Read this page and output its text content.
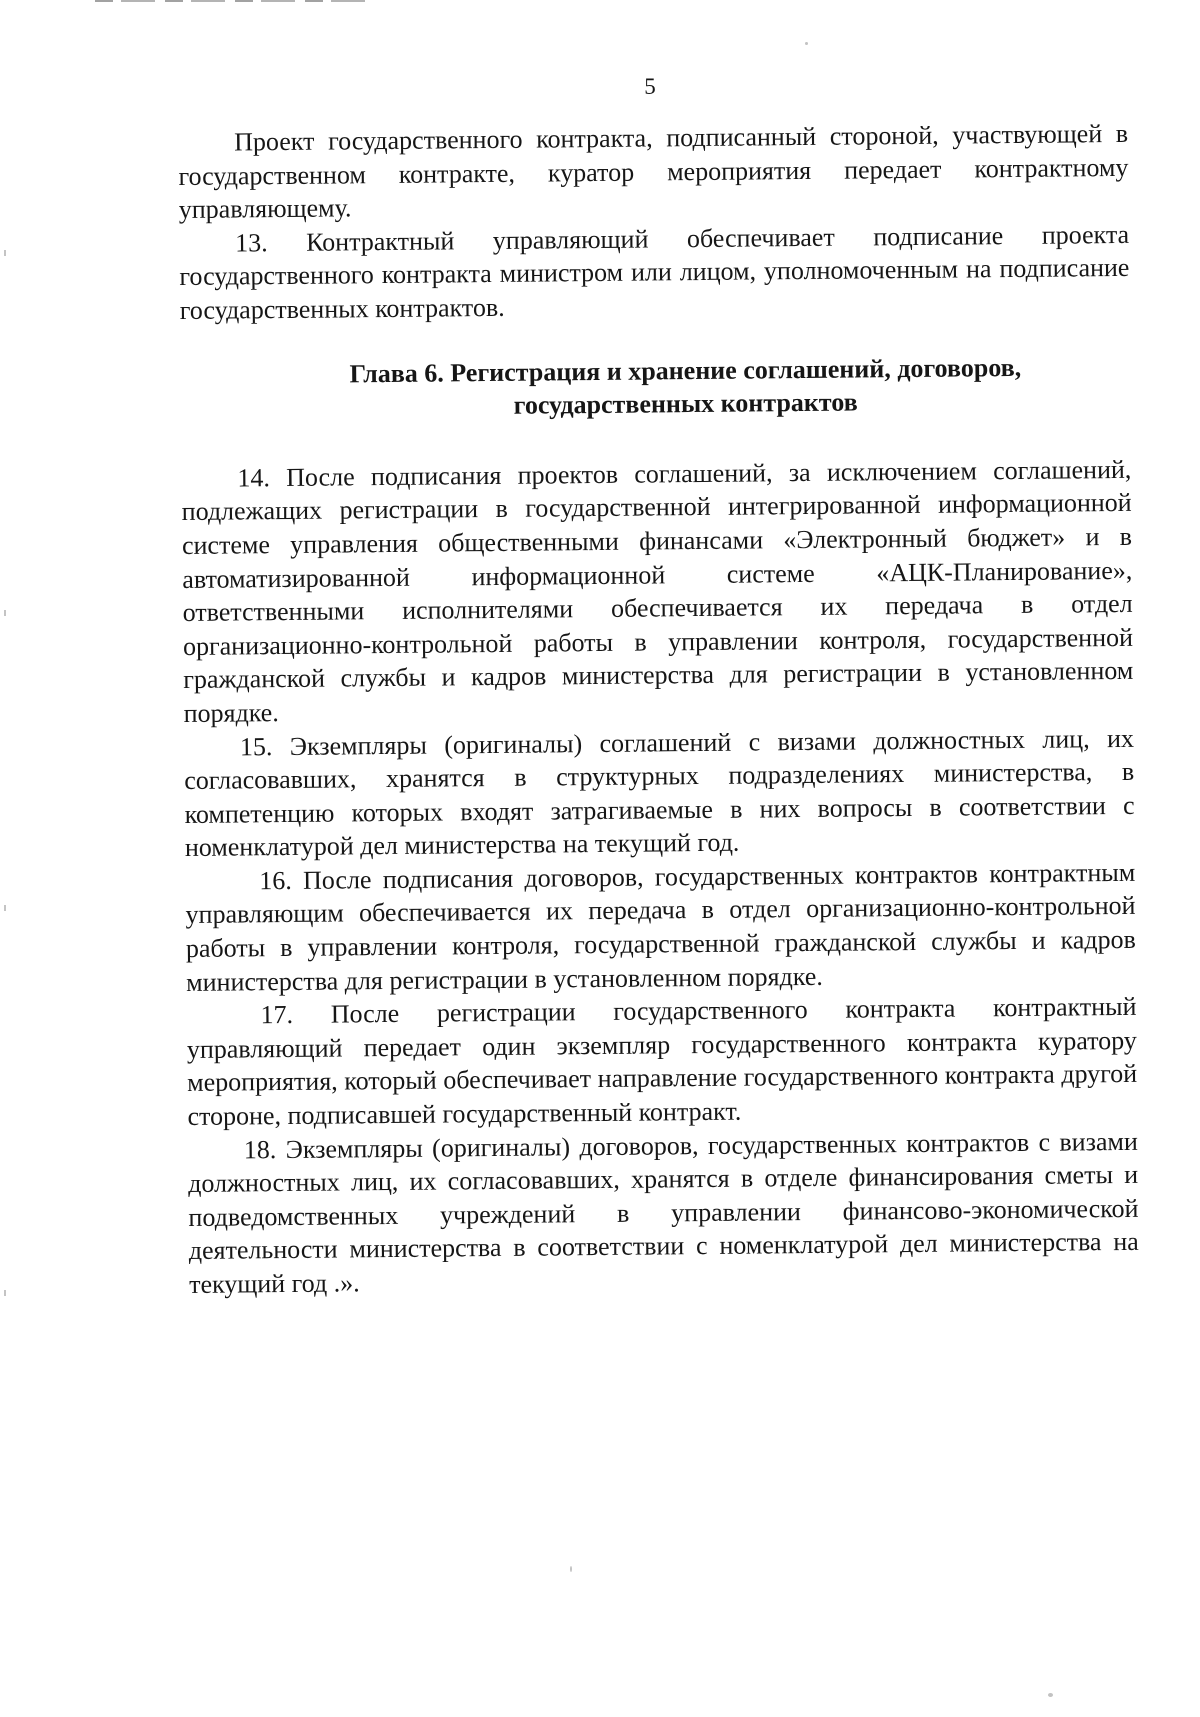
5

Проект государственного контракта, подписанный стороной, участвующей в государственном контракте, куратор мероприятия передает контрактному управляющему.

13. Контрактный управляющий обеспечивает подписание проекта государственного контракта министром или лицом, уполномоченным на подписание государственных контрактов.

Глава 6. Регистрация и хранение соглашений, договоров,
государственных контрактов

14. После подписания проектов соглашений, за исключением соглашений, подлежащих регистрации в государственной интегрированной информационной системе управления общественными финансами «Электронный бюджет» и в автоматизированной информационной системе «АЦК-Планирование», ответственными исполнителями обеспечивается их передача в отдел организационно-контрольной работы в управлении контроля, государственной гражданской службы и кадров министерства для регистрации в установленном порядке.

15. Экземпляры (оригиналы) соглашений с визами должностных лиц, их согласовавших, хранятся в структурных подразделениях министерства, в компетенцию которых входят затрагиваемые в них вопросы в соответствии с номенклатурой дел министерства на текущий год.

16. После подписания договоров, государственных контрактов контрактным управляющим обеспечивается их передача в отдел организационно-контрольной работы в управлении контроля, государственной гражданской службы и кадров министерства для регистрации в установленном порядке.

17. После регистрации государственного контракта контрактный управляющий передает один экземпляр государственного контракта куратору мероприятия, который обеспечивает направление государственного контракта другой стороне, подписавшей государственный контракт.

18. Экземпляры (оригиналы) договоров, государственных контрактов с визами должностных лиц, их согласовавших, хранятся в отделе финансирования сметы и подведомственных учреждений в управлении финансово-экономической деятельности министерства в соответствии с номенклатурой дел министерства на текущий год .».
